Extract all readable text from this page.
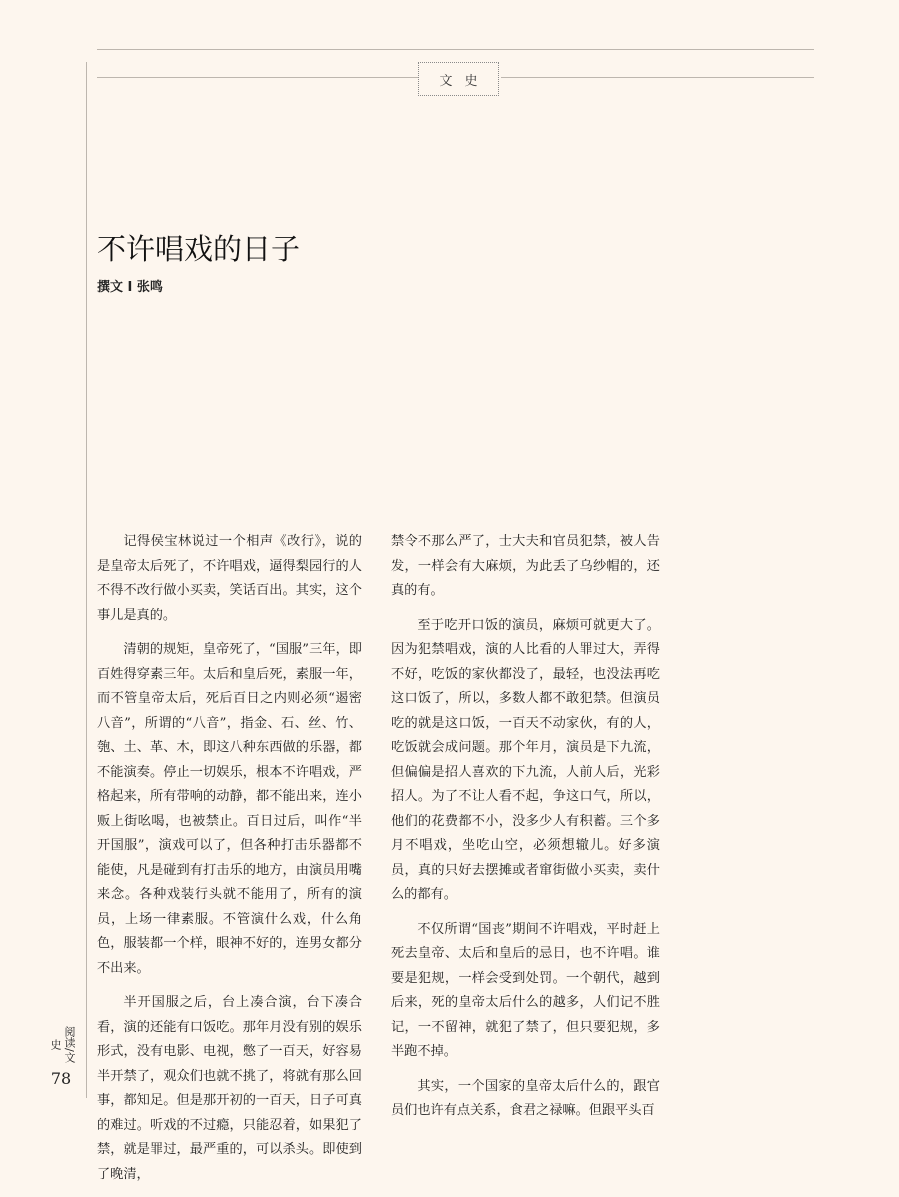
文史
不许唱戏的日子
撰文 I 张鸣

记得侯宝林说过一个相声《改行》，说的是皇帝太后死了，不许唱戏，逼得梨园行的人不得不改行做小买卖，笑话百出。其实，这个事儿是真的。

清朝的规矩，皇帝死了，“国服”三年，即百姓得穿素三年。太后和皇后死，素服一年，而不管皇帝太后，死后百日之内则必须“遏密八音”，所谓的“八音”，指金、石、丝、竹、匏、土、革、木，即这八种东西做的乐器，都不能演奏。停止一切娱乐，根本不许唱戏，严格起来，所有带响的动静，都不能出来，连小贩上街吆喝，也被禁止。百日过后，叫作“半开国服”，演戏可以了，但各种打击乐器都不能使，凡是碰到有打击乐的地方，由演员用嘴来念。各种戏装行头就不能用了，所有的演员，上场一律素服。不管演什么戏，什么角色，服装都一个样，眼神不好的，连男女都分不出来。

半开国服之后，台上凑合演，台下凑合看，演的还能有口饭吃。那年月没有别的娱乐形式，没有电影、电视，憋了一百天，好容易半开禁了，观众们也就不挑了，将就有那么回事，都知足。但是那开初的一百天，日子可真的难过。听戏的不过瘾，只能忍着，如果犯了禁，就是罪过，最严重的，可以杀头。即使到了晚清，

禁令不那么严了，士大夫和官员犯禁，被人告发，一样会有大麻烦，为此丢了乌纱帽的，还真的有。

至于吃开口饭的演员，麻烦可就更大了。因为犯禁唱戏，演的人比看的人罪过大，弄得不好，吃饭的家伙都没了，最轻，也没法再吃这口饭了，所以，多数人都不敢犯禁。但演员吃的就是这口饭，一百天不动家伙，有的人，吃饭就会成问题。那个年月，演员是下九流，但偏偏是招人喜欢的下九流，人前人后，光彩招人。为了不让人看不起，争这口气，所以，他们的花费都不小，没多少人有积蓄。三个多月不唱戏，坐吃山空，必须想辙儿。好多演员，真的只好去摆摊或者窜街做小买卖，卖什么的都有。

不仅所谓“国丧”期间不许唱戏，平时赶上死去皇帝、太后和皇后的忌日，也不许唱。谁要是犯规，一样会受到处罚。一个朝代，越到后来，死的皇帝太后什么的越多，人们记不胜记，一不留神，就犯了禁了，但只要犯规，多半跑不掉。

其实，一个国家的皇帝太后什么的，跟官员们也许有点关系，食君之禄嘛。但跟平头百

阅读/文史
78
